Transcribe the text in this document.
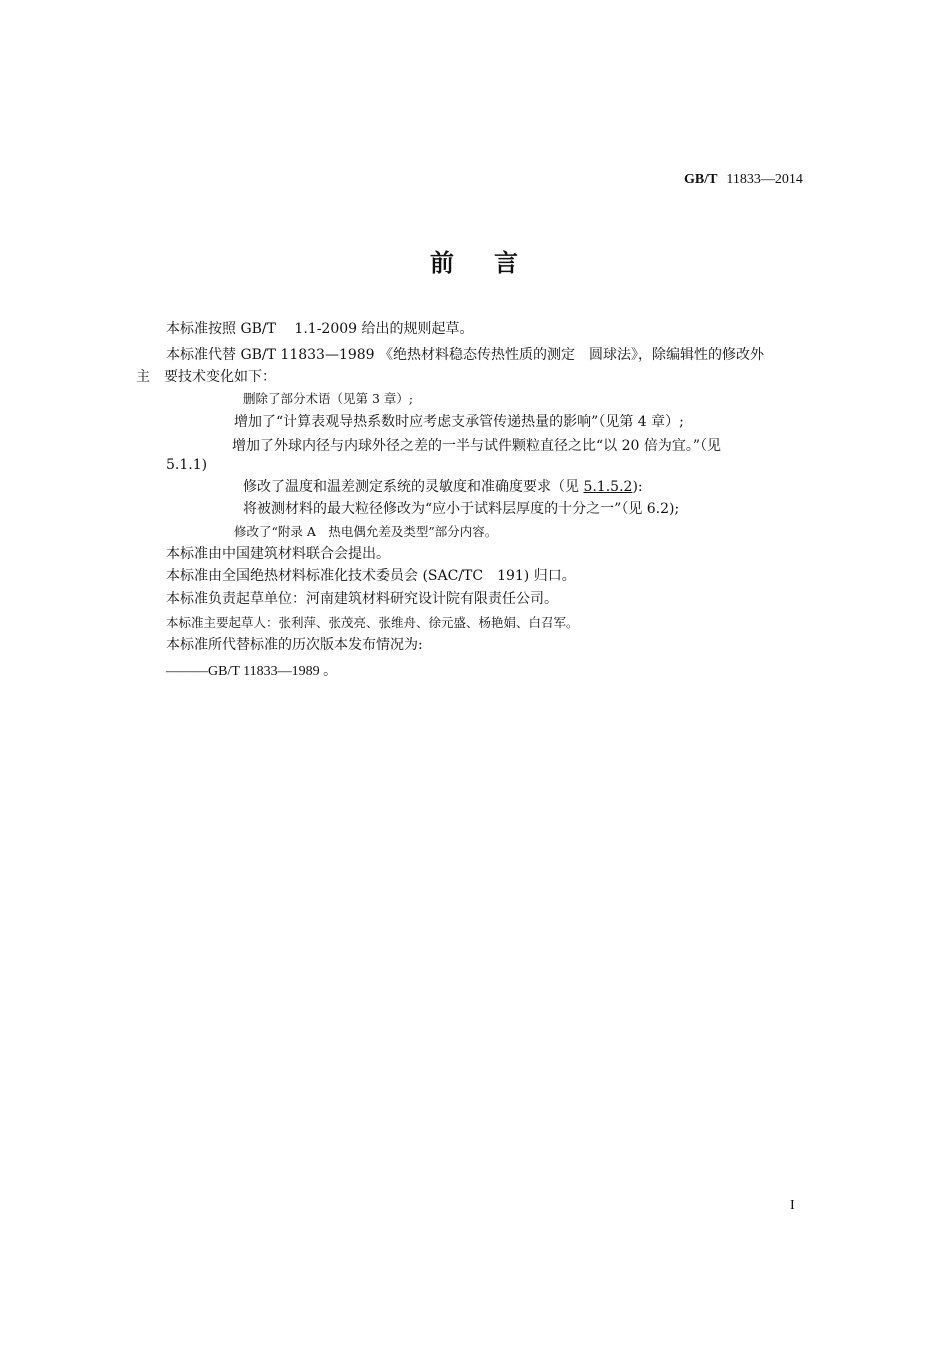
GB/T 11833—2014
前言

本标准按照 GB/T　 1.1-2009 给出的规则起草。

本标准代替 GB/T 11833—1989 《绝热材料稳态传热性质的测定　圆球法》，除编辑性的修改外

主　要技术变化如下：

删除了部分术语（见第 3 章）;

增加了“计算表观导热系数时应考虑支承管传递热量的影响”（见第 4 章）;

增加了外球内径与内球外径之差的一半与试件颗粒直径之比“以 20 倍为宜。”（见

5.1.1)

修改了温度和温差测定系统的灵敏度和准确度要求（见 5.1.5.2):

将被测材料的最大粒径修改为“应小于试料层厚度的十分之一”（见 6.2);

修改了“附录 A　热电偶允差及类型”部分内容。

本标准由中国建筑材料联合会提出。

本标准由全国绝热材料标准化技术委员会 (SAC/TC　191) 归口。

本标准负责起草单位：河南建筑材料研究设计院有限责任公司。

本标准主要起草人：张利萍、张茂亮、张维舟、徐元盛、杨艳娟、白召军。

本标准所代替标准的历次版本发布情况为:

———GB/T 11833—1989 。

I
